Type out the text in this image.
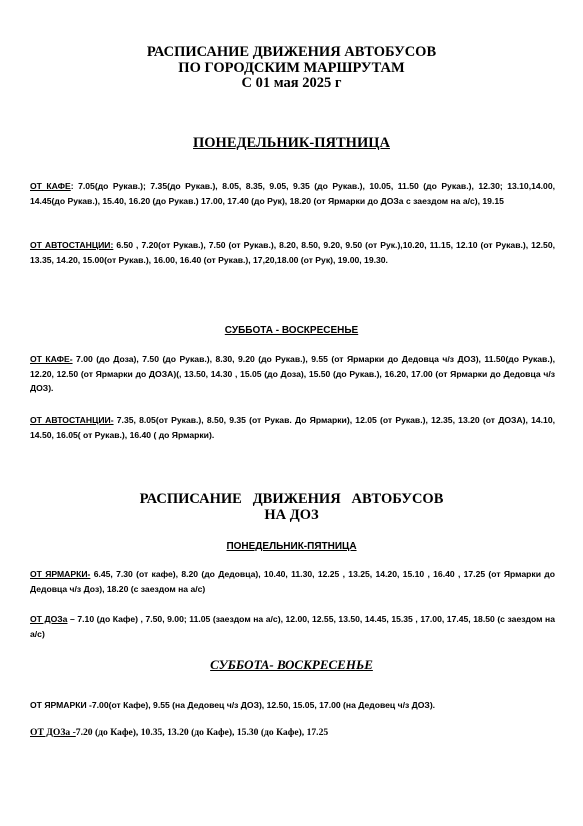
РАСПИСАНИЕ ДВИЖЕНИЯ АВТОБУСОВ
ПО ГОРОДСКИМ МАРШРУТАМ
С 01 мая 2025 г
ПОНЕДЕЛЬНИК-ПЯТНИЦА

ОТ КАФЕ: 7.05(до Рукав.); 7.35(до Рукав.), 8.05, 8.35, 9.05, 9.35 (до Рукав.), 10.05, 11.50 (до Рукав.), 12.30; 13.10,14.00, 14.45(до Рукав.), 15.40, 16.20 (до Рукав.) 17.00, 17.40 (до Рук), 18.20 (от Ярмарки до ДОЗа с заездом на а/с), 19.15

ОТ АВТОСТАНЦИИ: 6.50 , 7.20(от Рукав.), 7.50 (от Рукав.), 8.20, 8.50, 9.20, 9.50 (от Рук.),10.20, 11.15, 12.10 (от Рукав.), 12.50, 13.35, 14.20, 15.00(от Рукав.), 16.00, 16.40 (от Рукав.), 17,20,18.00 (от Рук), 19.00, 19.30.

СУББОТА - ВОСКРЕСЕНЬЕ

ОТ КАФЕ- 7.00 (до Доза), 7.50 (до Рукав.), 8.30, 9.20 (до Рукав.), 9.55 (от Ярмарки до Дедовца ч/з ДОЗ), 11.50(до Рукав.), 12.20, 12.50 (от Ярмарки до ДОЗА)(, 13.50, 14.30 , 15.05 (до Доза), 15.50 (до Рукав.), 16.20, 17.00 (от Ярмарки до Дедовца ч/з ДОЗ).

ОТ АВТОСТАНЦИИ- 7.35, 8.05(от Рукав.), 8.50, 9.35 (от Рукав. До Ярмарки), 12.05 (от Рукав.), 12.35, 13.20 (от ДОЗА), 14.10, 14.50, 16.05( от Рукав.), 16.40 ( до Ярмарки).

РАСПИСАНИЕ   ДВИЖЕНИЯ   АВТОБУСОВ
НА ДОЗ
ПОНЕДЕЛЬНИК-ПЯТНИЦА

ОТ ЯРМАРКИ- 6.45, 7.30 (от кафе), 8.20 (до Дедовца), 10.40, 11.30, 12.25 , 13.25, 14.20, 15.10 , 16.40 , 17.25 (от Ярмарки до Дедовца ч/з Доз), 18.20 (с заездом на а/с)

ОТ ДОЗа – 7.10 (до Кафе) , 7.50, 9.00; 11.05 (заездом на а/с), 12.00, 12.55, 13.50, 14.45, 15.35 , 17.00, 17.45, 18.50 (с заездом на а/с)

СУББОТА- ВОСКРЕСЕНЬЕ

ОТ ЯРМАРКИ -7.00(от Кафе), 9.55 (на Дедовец ч/з ДОЗ), 12.50, 15.05, 17.00 (на Дедовец ч/з ДОЗ).

ОТ ДОЗа -7.20 (до Кафе), 10.35, 13.20 (до Кафе), 15.30 (до Кафе), 17.25
